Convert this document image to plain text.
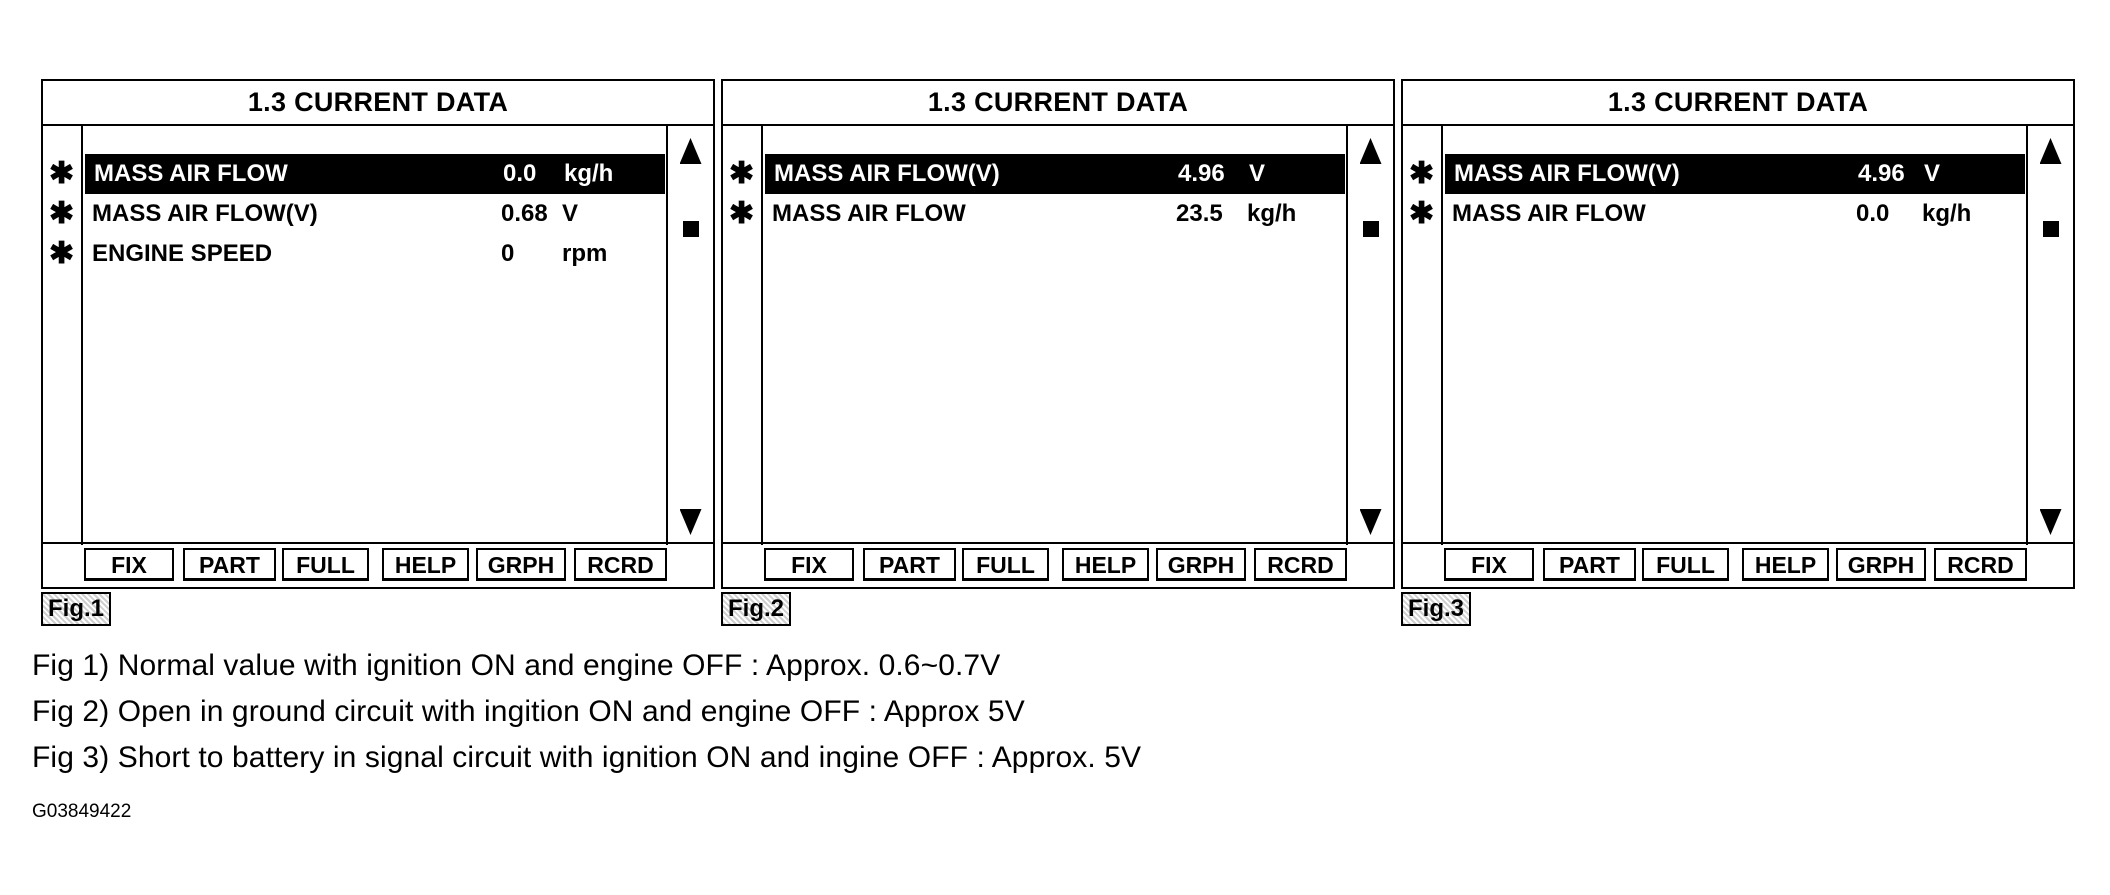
1.3 CURRENT DATA
✱
✱
✱
MASS AIR FLOW	0.0 kg/h
MASS AIR FLOW(V)	0.68 V
ENGINE SPEED	0 rpm
FIX	PART	FULL	HELP	GRPH	RCRD
Fig.1
1.3 CURRENT DATA
✱
✱
MASS AIR FLOW(V)	4.96 V
MASS AIR FLOW	23.5 kg/h
FIX	PART	FULL	HELP	GRPH	RCRD
Fig.2
1.3 CURRENT DATA
✱
✱
MASS AIR FLOW(V)	4.96 V
MASS AIR FLOW	0.0 kg/h
FIX	PART	FULL	HELP	GRPH	RCRD
Fig.3
Fig 1) Normal value with ignition ON and engine OFF : Approx. 0.6~0.7V
Fig 2) Open in ground circuit with ingition ON and engine OFF : Approx 5V
Fig 3) Short to battery in signal circuit with ignition ON and ingine OFF : Approx. 5V
G03849422
